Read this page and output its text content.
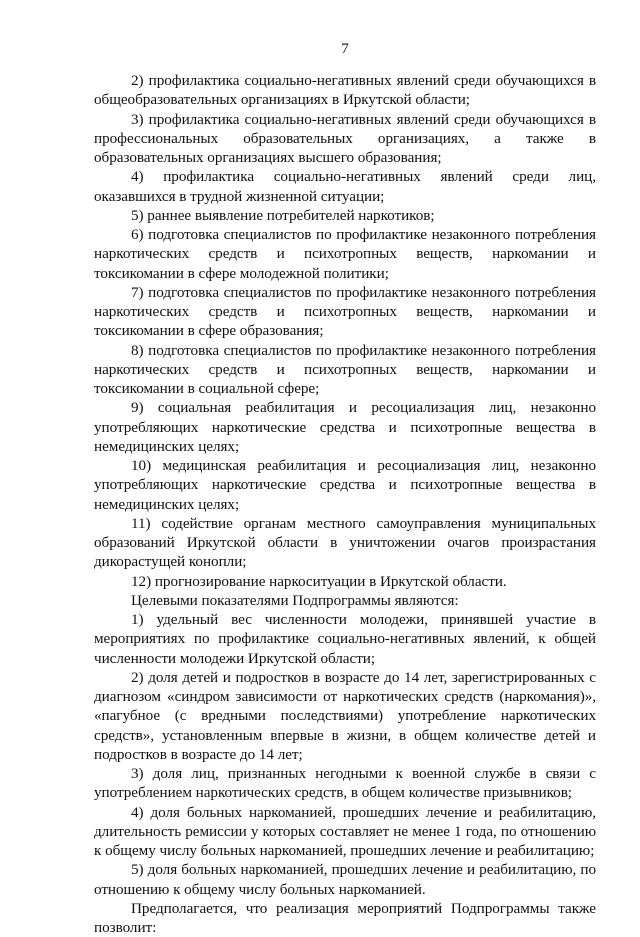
7

2) профилактика социально-негативных явлений среди обучающихся в общеобразовательных организациях в Иркутской области;

3) профилактика социально-негативных явлений среди обучающихся в профессиональных образовательных организациях, а также в образовательных организациях высшего образования;

4) профилактика социально-негативных явлений среди лиц, оказавшихся в трудной жизненной ситуации;

5) раннее выявление потребителей наркотиков;

6) подготовка специалистов по профилактике незаконного потребления наркотических средств и психотропных веществ, наркомании и токсикомании в сфере молодежной политики;

7) подготовка специалистов по профилактике незаконного потребления наркотических средств и психотропных веществ, наркомании и токсикомании в сфере образования;

8) подготовка специалистов по профилактике незаконного потребления наркотических средств и психотропных веществ, наркомании и токсикомании в социальной сфере;

9) социальная реабилитация и ресоциализация лиц, незаконно употребляющих наркотические средства и психотропные вещества в немедицинских целях;

10) медицинская реабилитация и ресоциализация лиц, незаконно употребляющих наркотические средства и психотропные вещества в немедицинских целях;

11) содействие органам местного самоуправления муниципальных образований Иркутской области в уничтожении очагов произрастания дикорастущей конопли;

12) прогнозирование наркоситуации в Иркутской области.

Целевыми показателями Подпрограммы являются:

1) удельный вес численности молодежи, принявшей участие в мероприятиях по профилактике социально-негативных явлений, к общей численности молодежи Иркутской области;

2) доля детей и подростков в возрасте до 14 лет, зарегистрированных с диагнозом «синдром зависимости от наркотических средств (наркомания)», «пагубное (с вредными последствиями) употребление наркотических средств», установленным впервые в жизни, в общем количестве детей и подростков в возрасте до 14 лет;

3) доля лиц, признанных негодными к военной службе в связи с употреблением наркотических средств, в общем количестве призывников;

4) доля больных наркоманией, прошедших лечение и реабилитацию, длительность ремиссии у которых составляет не менее 1 года, по отношению к общему числу больных наркоманией, прошедших лечение и реабилитацию;

5) доля больных наркоманией, прошедших лечение и реабилитацию, по отношению к общему числу больных наркоманией.

Предполагается, что реализация мероприятий Подпрограммы также позволит:
